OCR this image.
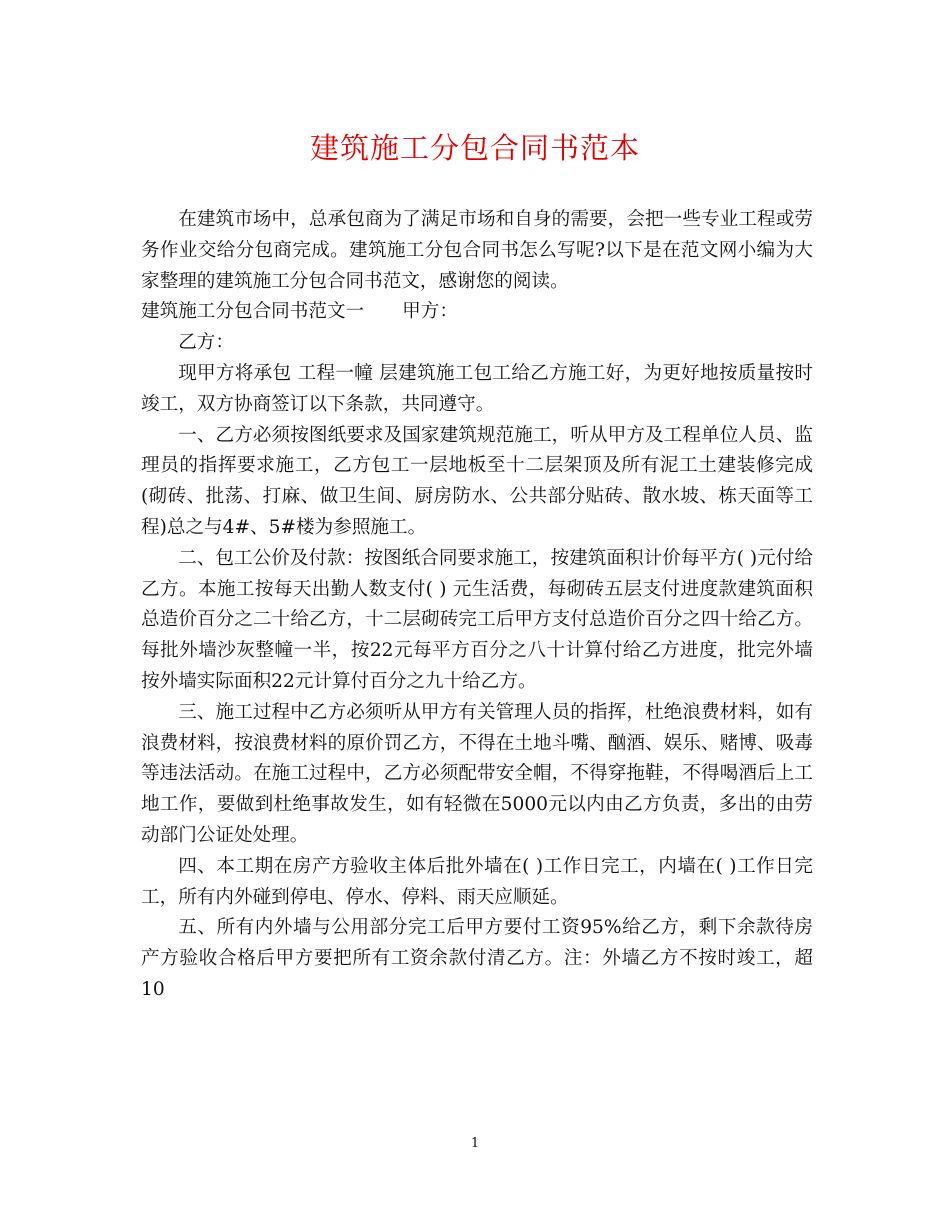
建筑施工分包合同书范本

在建筑市场中，总承包商为了满足市场和自身的需要，会把一些专业工程或劳务作业交给分包商完成。建筑施工分包合同书怎么写呢?以下是在范文网小编为大家整理的建筑施工分包合同书范文，感谢您的阅读。

建筑施工分包合同书范文一 甲方：

乙方：

现甲方将承包 工程一幢 层建筑施工包工给乙方施工好，为更好地按质量按时竣工，双方协商签订以下条款，共同遵守。

一、乙方必须按图纸要求及国家建筑规范施工，听从甲方及工程单位人员、监理员的指挥要求施工，乙方包工一层地板至十二层架顶及所有泥工土建装修完成(砌砖、批荡、打麻、做卫生间、厨房防水、公共部分贴砖、散水坡、栋天面等工程)总之与4#、5#楼为参照施工。

二、包工公价及付款：按图纸合同要求施工，按建筑面积计价每平方( )元付给乙方。本施工按每天出勤人数支付( ) 元生活费，每砌砖五层支付进度款建筑面积总造价百分之二十给乙方，十二层砌砖完工后甲方支付总造价百分之四十给乙方。每批外墙沙灰整幢一半，按22元每平方百分之八十计算付给乙方进度，批完外墙按外墙实际面积22元计算付百分之九十给乙方。

三、施工过程中乙方必须听从甲方有关管理人员的指挥，杜绝浪费材料，如有浪费材料，按浪费材料的原价罚乙方，不得在土地斗嘴、酗酒、娱乐、赌博、吸毒等违法活动。在施工过程中，乙方必须配带安全帽，不得穿拖鞋，不得喝酒后上工地工作，要做到杜绝事故发生，如有轻微在5000元以内由乙方负责，多出的由劳动部门公证处处理。

四、本工期在房产方验收主体后批外墙在( )工作日完工，内墙在( )工作日完工，所有内外碰到停电、停水、停料、雨天应顺延。

五、所有内外墙与公用部分完工后甲方要付工资95%给乙方，剩下余款待房产方验收合格后甲方要把所有工资余款付清乙方。注：外墙乙方不按时竣工，超10

1
